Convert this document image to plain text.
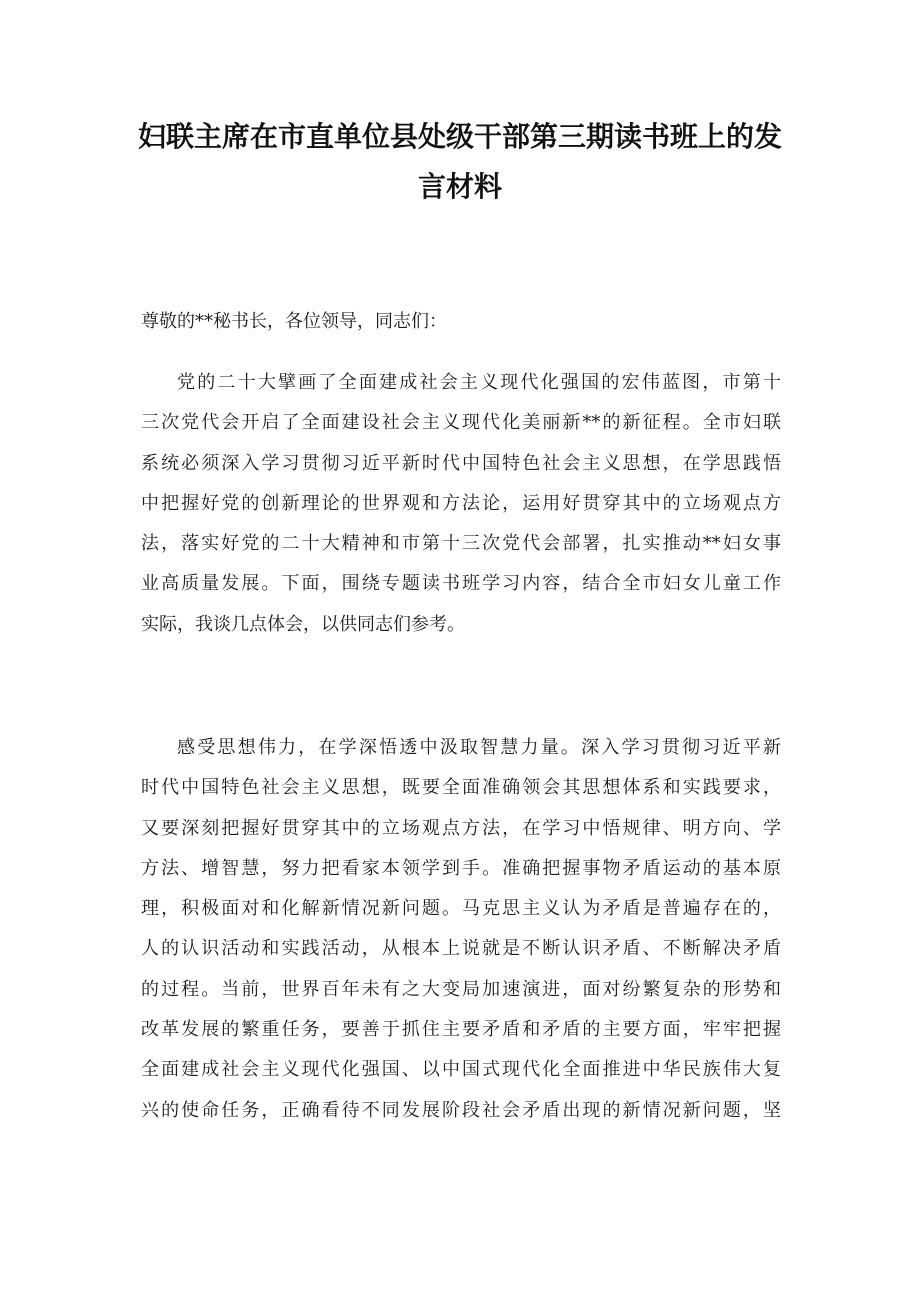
妇联主席在市直单位县处级干部第三期读书班上的发
言材料
尊敬的**秘书长，各位领导，同志们：
党的二十大擘画了全面建成社会主义现代化强国的宏伟蓝图，市第十
三次党代会开启了全面建设社会主义现代化美丽新**的新征程。全市妇联
系统必须深入学习贯彻习近平新时代中国特色社会主义思想，在学思践悟
中把握好党的创新理论的世界观和方法论，运用好贯穿其中的立场观点方
法，落实好党的二十大精神和市第十三次党代会部署，扎实推动**妇女事
业高质量发展。下面，围绕专题读书班学习内容，结合全市妇女儿童工作
实际，我谈几点体会，以供同志们参考。
感受思想伟力，在学深悟透中汲取智慧力量。深入学习贯彻习近平新
时代中国特色社会主义思想，既要全面准确领会其思想体系和实践要求，
又要深刻把握好贯穿其中的立场观点方法，在学习中悟规律、明方向、学
方法、增智慧，努力把看家本领学到手。准确把握事物矛盾运动的基本原
理，积极面对和化解新情况新问题。马克思主义认为矛盾是普遍存在的，
人的认识活动和实践活动，从根本上说就是不断认识矛盾、不断解决矛盾
的过程。当前，世界百年未有之大变局加速演进，面对纷繁复杂的形势和
改革发展的繁重任务，要善于抓住主要矛盾和矛盾的主要方面，牢牢把握
全面建成社会主义现代化强国、以中国式现代化全面推进中华民族伟大复
兴的使命任务，正确看待不同发展阶段社会矛盾出现的新情况新问题，坚
